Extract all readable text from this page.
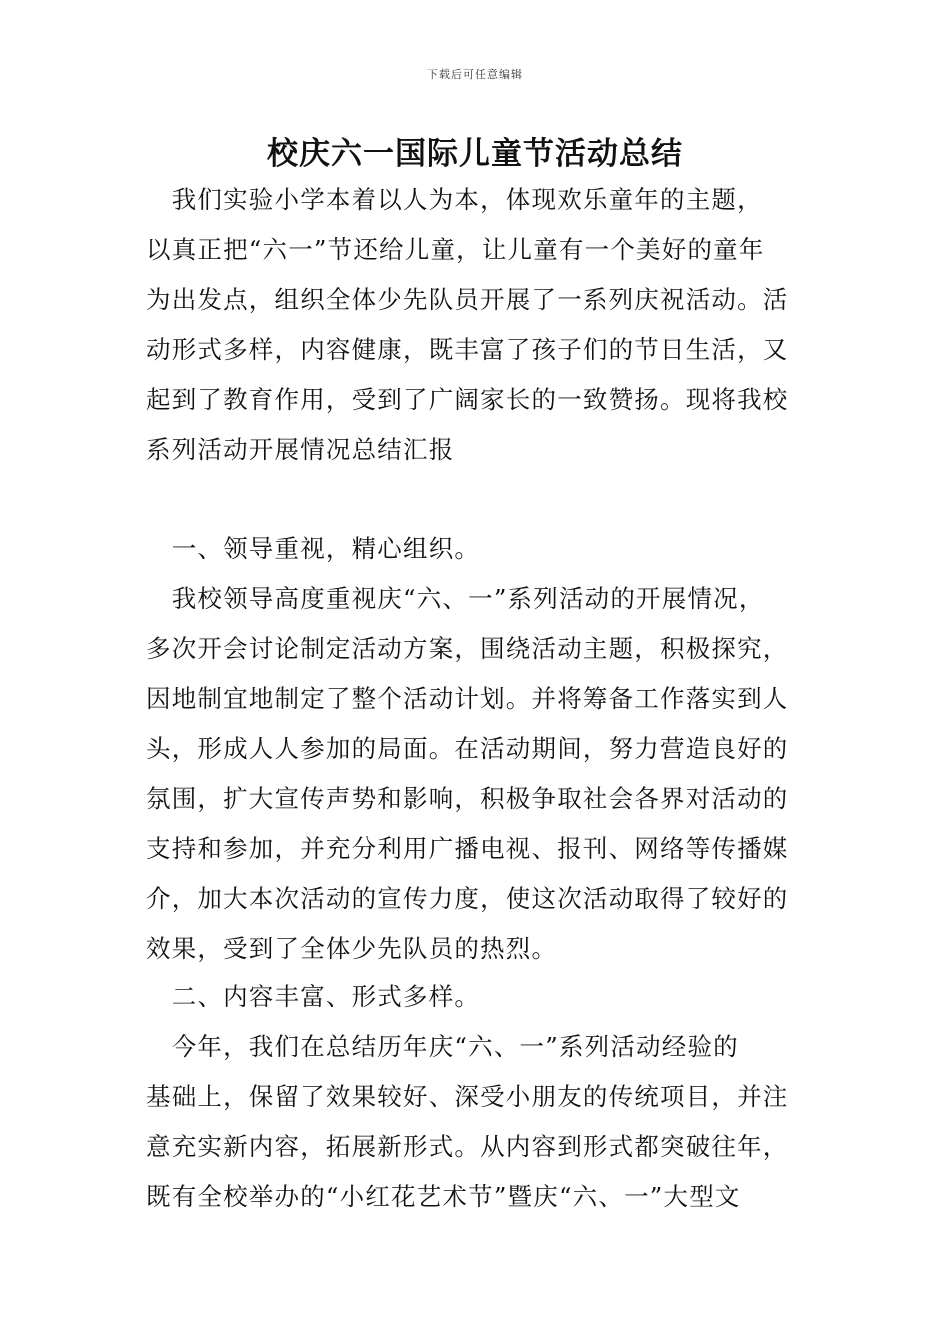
下载后可任意编辑
校庆六一国际儿童节活动总结
　我们实验小学本着以人为本，体现欢乐童年的主题，
以真正把“六一”节还给儿童，让儿童有一个美好的童年
为出发点，组织全体少先队员开展了一系列庆祝活动。活
动形式多样，内容健康，既丰富了孩子们的节日生活，又
起到了教育作用，受到了广阔家长的一致赞扬。现将我校
系列活动开展情况总结汇报
　一、领导重视，精心组织。
　我校领导高度重视庆“六、一”系列活动的开展情况，
多次开会讨论制定活动方案，围绕活动主题，积极探究，
因地制宜地制定了整个活动计划。并将筹备工作落实到人
头，形成人人参加的局面。在活动期间，努力营造良好的
氛围，扩大宣传声势和影响，积极争取社会各界对活动的
支持和参加，并充分利用广播电视、报刊、网络等传播媒
介，加大本次活动的宣传力度，使这次活动取得了较好的
效果，受到了全体少先队员的热烈。
　二、内容丰富、形式多样。
　今年，我们在总结历年庆“六、一”系列活动经验的
基础上，保留了效果较好、深受小朋友的传统项目，并注
意充实新内容，拓展新形式。从内容到形式都突破往年，
既有全校举办的“小红花艺术节”暨庆“六、一”大型文
